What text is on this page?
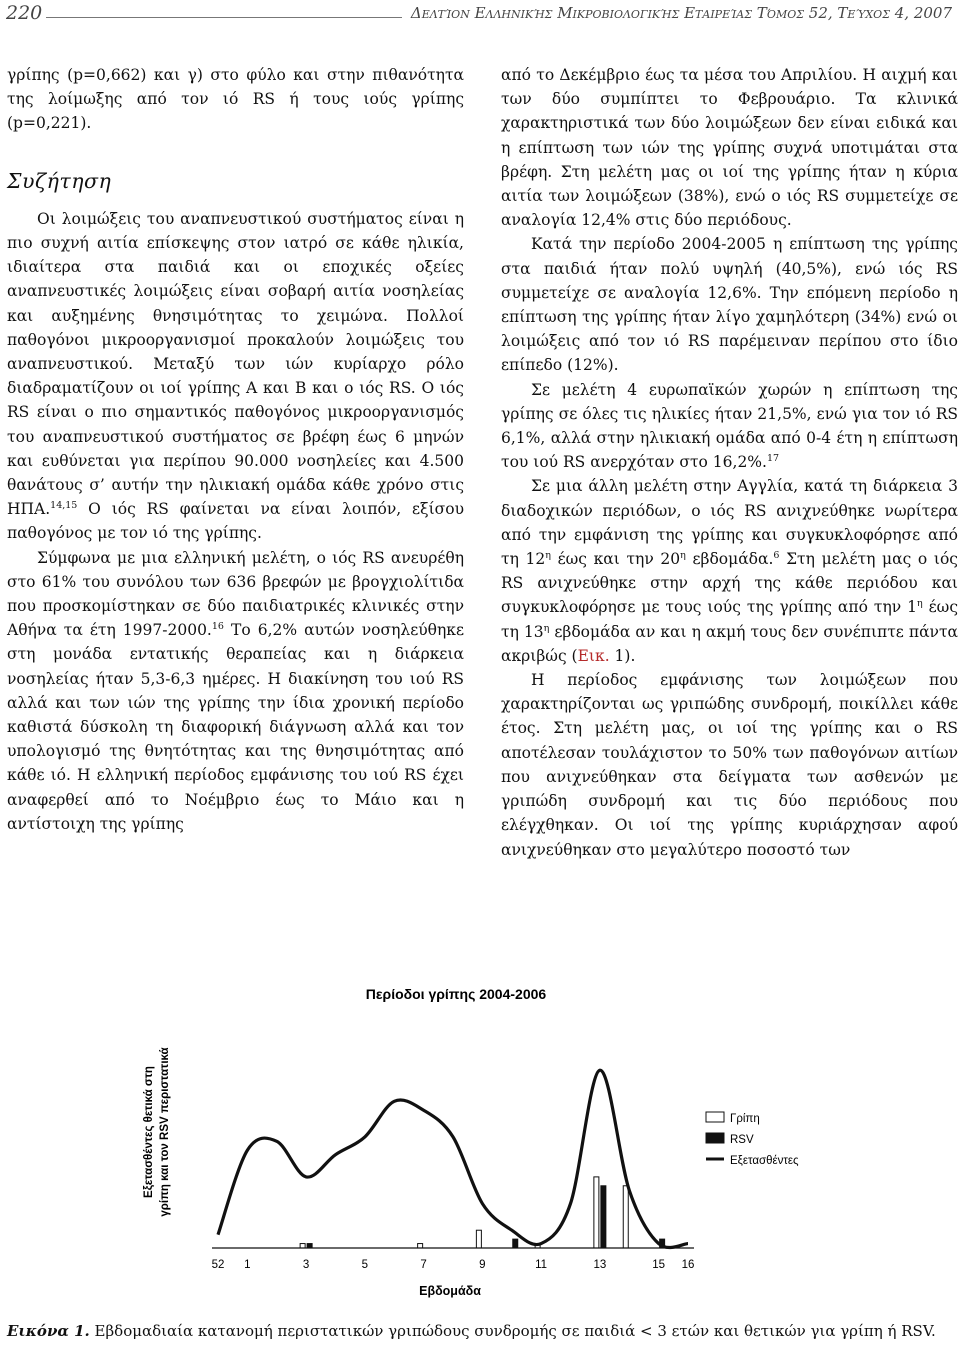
220	Δελτίον Ελληνικής Μικροβιολογικής Εταιρείας Τόμος 52, Τεύχος 4, 2007

γρίπης (p=0,662) και γ) στο φύλο και στην πιθανότητα της λοίμωξης από τον ιό RS ή τους ιούς γρίπης (p=0,221).

Συζήτηση

Οι λοιμώξεις του αναπνευστικού συστήματος είναι η πιο συχνή αιτία επίσκεψης στον ιατρό σε κάθε ηλικία, ιδιαίτερα στα παιδιά και οι εποχικές οξείες αναπνευστικές λοιμώξεις είναι σοβαρή αιτία νοσηλείας και αυξημένης θνησιμότητας το χειμώνα. Πολλοί παθογόνοι μικροοργανισμοί προκαλούν λοιμώξεις του αναπνευστικού. Μεταξύ των ιών κυρίαρχο ρόλο διαδραματίζουν οι ιοί γρίπης Α και Β και ο ιός RS. Ο ιός RS είναι ο πιο σημαντικός παθογόνος μικροοργανισμός του αναπνευστικού συστήματος σε βρέφη έως 6 μηνών και ευθύνεται για περίπου 90.000 νοσηλείες και 4.500 θανάτους σ’ αυτήν την ηλικιακή ομάδα κάθε χρόνο στις ΗΠΑ.$^{14,15}$ Ο ιός RS φαίνεται να είναι λοιπόν, εξίσου παθογόνος με τον ιό της γρίπης.

Σύμφωνα με μια ελληνική μελέτη, ο ιός RS ανευρέθη στο 61% του συνόλου των 636 βρεφών με βρογχιολίτιδα που προσκομίστηκαν σε δύο παιδιατρικές κλινικές στην Αθήνα τα έτη 1997-2000.16 Το 6,2% αυτών νοσηλεύθηκε στη μονάδα εντατικής θεραπείας και η διάρκεια νοσηλείας ήταν 5,3-6,3 ημέρες. Η διακίνηση του ιού RS αλλά και των ιών της γρίπης την ίδια χρονική περίοδο καθιστά δύσκολη τη διαφορική διάγνωση αλλά και τον υπολογισμό της θνητότητας και της θνησιμότητας από κάθε ιό. Η ελληνική περίοδος εμφάνισης του ιού RS έχει αναφερθεί από το Νοέμβριο έως το Μάιο και η αντίστοιχη της γρίπης

από το Δεκέμβριο έως τα μέσα του Απριλίου. Η αιχμή και των δύο συμπίπτει το Φεβρουάριο. Τα κλινικά χαρακτηριστικά των δύο λοιμώξεων δεν είναι ειδικά και η επίπτωση των ιών της γρίπης συχνά υποτιμάται στα βρέφη. Στη μελέτη μας οι ιοί της γρίπης ήταν η κύρια αιτία των λοιμώξεων (38%), ενώ ο ιός RS συμμετείχε σε αναλογία 12,4% στις δύο περιόδους.

Κατά την περίοδο 2004-2005 η επίπτωση της γρίπης στα παιδιά ήταν πολύ υψηλή (40,5%), ενώ ιός RS συμμετείχε σε αναλογία 12,6%. Την επόμενη περίοδο η επίπτωση της γρίπης ήταν λίγο χαμηλότερη (34%) ενώ οι λοιμώξεις από τον ιό RS παρέμειναν περίπου στο ίδιο επίπεδο (12%).

Σε μελέτη 4 ευρωπαϊκών χωρών η επίπτωση της γρίπης σε όλες τις ηλικίες ήταν 21,5%, ενώ για τον ιό RS 6,1%, αλλά στην ηλικιακή ομάδα από 0-4 έτη η επίπτωση του ιού RS ανερχόταν στο 16,2%.$^{17}$

Σε μια άλλη μελέτη στην Αγγλία, κατά τη διάρκεια 3 διαδοχικών περιόδων, ο ιός RS ανιχνεύθηκε νωρίτερα από την εμφάνιση της γρίπης και συγκυκλοφόρησε από τη $12^\eta$ έως και την $20^\eta$ εβδομάδα.$^6$ Στη μελέτη μας ο ιός RS ανιχνεύθηκε στην αρχή της κάθε περιόδου και συγκυκλοφόρησε με τους ιούς της γρίπης από την $1^\eta$ έως τη $13^\eta$ εβδομάδα αν και η ακμή τους δεν συνέπιπτε πάντα ακριβώς (Εικ. 1).

Η περίοδος εμφάνισης των λοιμώξεων που χαρακτηρίζονται ως γριπώδης συνδρομή, ποικίλλει κάθε έτος. Στη μελέτη μας, οι ιοί της γρίπης και ο RS αποτέλεσαν τουλάχιστον το 50% των παθογόνων αιτίων που ανιχνεύθηκαν στα δείγματα των ασθενών με γριπώδη συνδρομή και τις δύο περιόδους που ελέγχθηκαν. Οι ιοί της γρίπης κυριάρχησαν αφού ανιχνεύθηκαν στο μεγαλύτερο ποσοστό των

Περίοδοι γρίπης 2004-2006
Εξετασθέντες θετικά στη γρίπη και τον RSV περιστατικά
Εβδομάδα
52 1	3	5	7	9	11	13	15 16
Γρίπη
RSV
Εξετασθέντες
Εικόνα 1. Εβδομαδιαία κατανομή περιστατικών γριπώδους συνδρομής σε παιδιά < 3 ετών και θετικών για γρίπη ή RSV.
